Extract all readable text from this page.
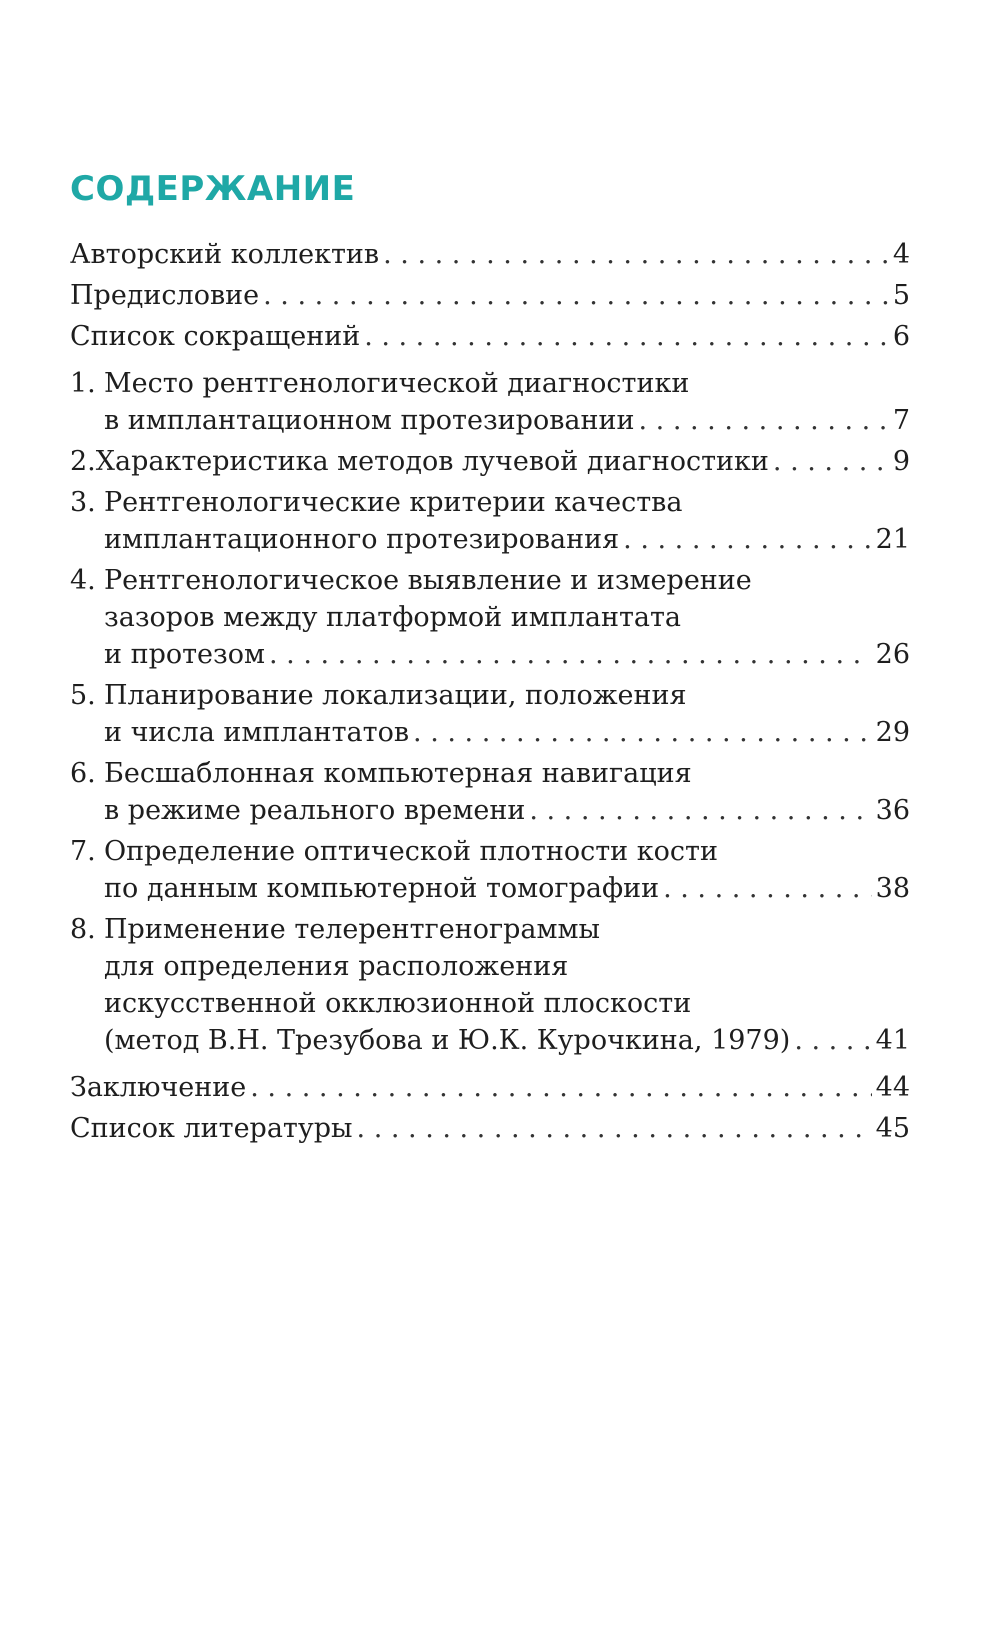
СОДЕРЖАНИЕ
Авторский коллектив . . .	4
Предисловие . . .	5
Список сокращений . . .	6
1. Место рентгенологической диагностики
в имплантационном протезировании . . .	7
2. Характеристика методов лучевой диагностики . . .	9
3. Рентгенологические критерии качества
имплантационного протезирования . . .	21
4. Рентгенологическое выявление и измерение
зазоров между платформой имплантата
и протезом . . .	26
5. Планирование локализации, положения
и числа имплантатов . . .	29
6. Бесшаблонная компьютерная навигация
в режиме реального времени . . .	36
7. Определение оптической плотности кости
по данным компьютерной томографии . . .	38
8. Применение телерентгенограммы
для определения расположения
искусственной окклюзионной плоскости
(метод В.Н. Трезубова и Ю.К. Курочкина, 1979) . . .	41
Заключение . . .	44
Список литературы . . .	45
